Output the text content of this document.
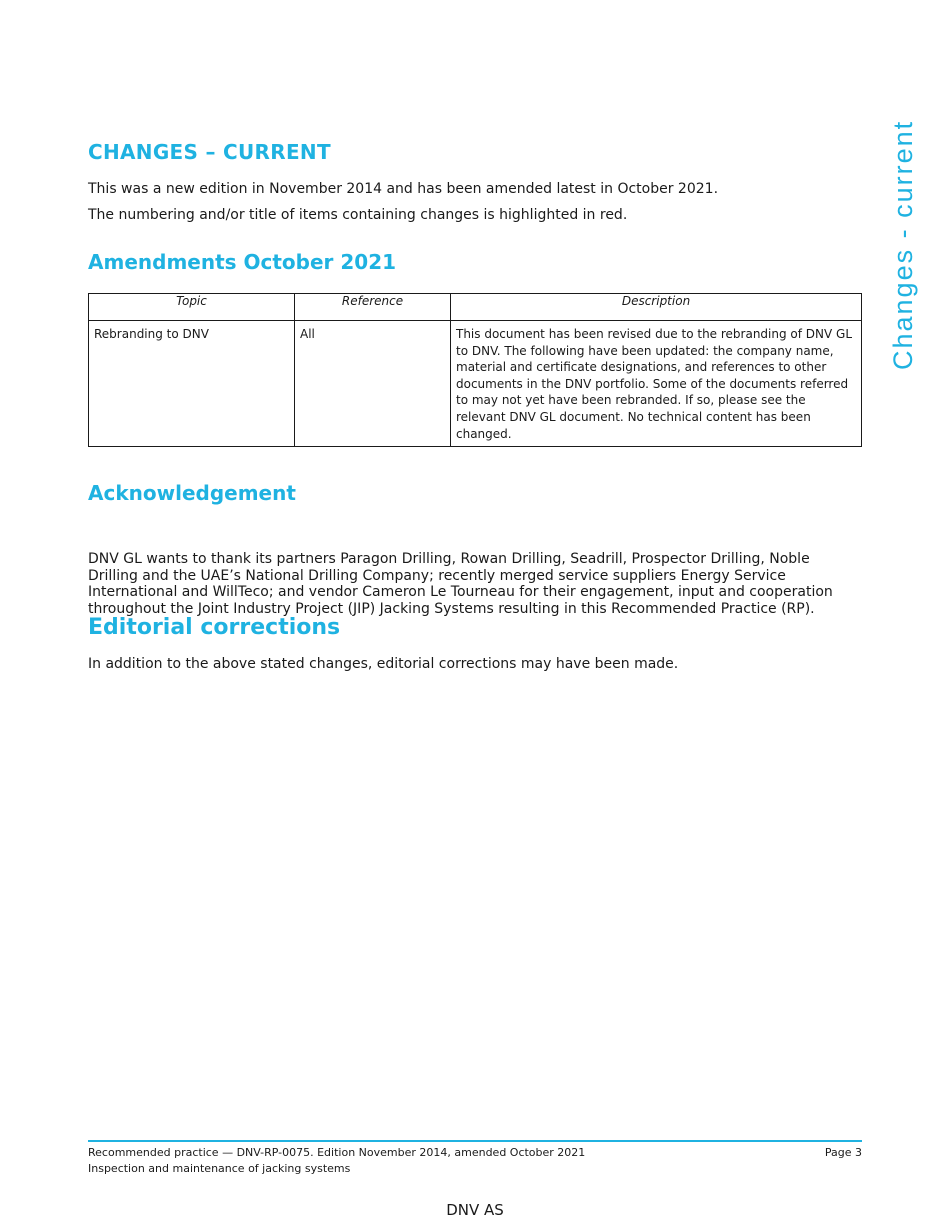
Changes - current
CHANGES – CURRENT
This was a new edition in November 2014 and has been amended latest in October 2021.
The numbering and/or title of items containing changes is highlighted in red.
Amendments October 2021
Topic	Reference	Description
Rebranding to DNV	All	This document has been revised due to the rebranding of DNV GL to DNV. The following have been updated: the company name, material and certificate designations, and references to other documents in the DNV portfolio. Some of the documents referred to may not yet have been rebranded. If so, please see the relevant DNV GL document. No technical content has been changed.
Acknowledgement
DNV GL wants to thank its partners Paragon Drilling, Rowan Drilling, Seadrill, Prospector Drilling, Noble Drilling and the UAE’s National Drilling Company; recently merged service suppliers Energy Service International and WillTeco; and vendor Cameron Le Tourneau for their engagement, input and cooperation throughout the Joint Industry Project (JIP) Jacking Systems resulting in this Recommended Practice (RP).
Editorial corrections
In addition to the above stated changes, editorial corrections may have been made.
Recommended practice — DNV-RP-0075. Edition November 2014, amended October 2021	Page 3
Inspection and maintenance of jacking systems
DNV AS
